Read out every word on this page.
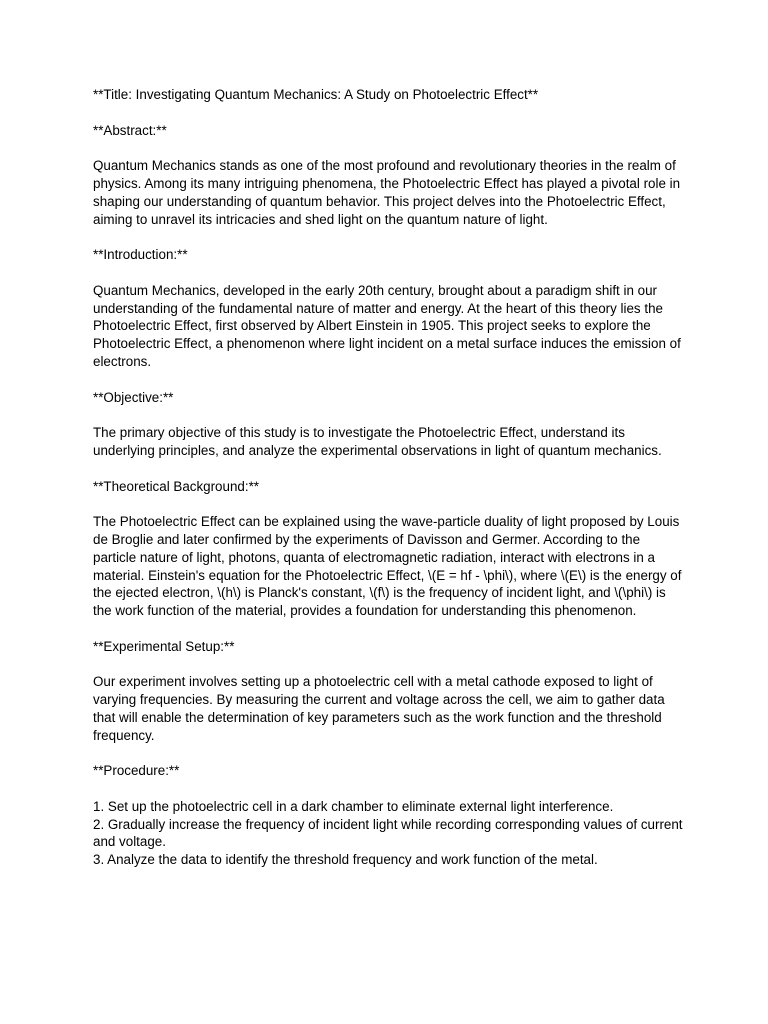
**Title: Investigating Quantum Mechanics: A Study on Photoelectric Effect**

**Abstract:**

Quantum Mechanics stands as one of the most profound and revolutionary theories in the realm of physics. Among its many intriguing phenomena, the Photoelectric Effect has played a pivotal role in shaping our understanding of quantum behavior. This project delves into the Photoelectric Effect, aiming to unravel its intricacies and shed light on the quantum nature of light.

**Introduction:**

Quantum Mechanics, developed in the early 20th century, brought about a paradigm shift in our understanding of the fundamental nature of matter and energy. At the heart of this theory lies the Photoelectric Effect, first observed by Albert Einstein in 1905. This project seeks to explore the Photoelectric Effect, a phenomenon where light incident on a metal surface induces the emission of electrons.

**Objective:**

The primary objective of this study is to investigate the Photoelectric Effect, understand its underlying principles, and analyze the experimental observations in light of quantum mechanics.

**Theoretical Background:**

The Photoelectric Effect can be explained using the wave-particle duality of light proposed by Louis de Broglie and later confirmed by the experiments of Davisson and Germer. According to the particle nature of light, photons, quanta of electromagnetic radiation, interact with electrons in a material. Einstein's equation for the Photoelectric Effect, \(E = hf - \phi\), where \(E\) is the energy of the ejected electron, \(h\) is Planck's constant, \(f\) is the frequency of incident light, and \(\phi\) is the work function of the material, provides a foundation for understanding this phenomenon.

**Experimental Setup:**

Our experiment involves setting up a photoelectric cell with a metal cathode exposed to light of varying frequencies. By measuring the current and voltage across the cell, we aim to gather data that will enable the determination of key parameters such as the work function and the threshold frequency.

**Procedure:**

1. Set up the photoelectric cell in a dark chamber to eliminate external light interference.
2. Gradually increase the frequency of incident light while recording corresponding values of current and voltage.
3. Analyze the data to identify the threshold frequency and work function of the metal.
